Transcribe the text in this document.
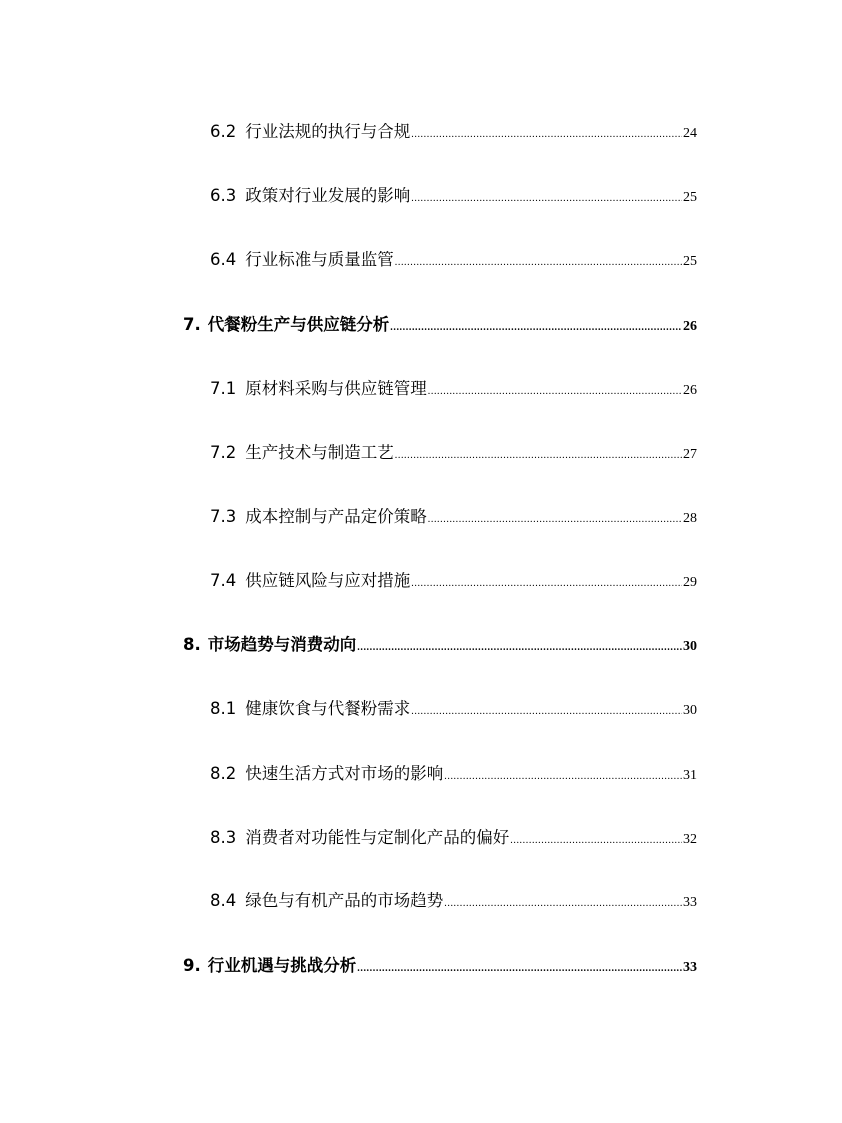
6.2 行业法规的执行与合规 .....	24
6.3 政策对行业发展的影响 .....	25
6.4 行业标准与质量监管 .....	25
7. 代餐粉生产与供应链分析 .....	26
7.1 原材料采购与供应链管理 .....	26
7.2 生产技术与制造工艺 .....	27
7.3 成本控制与产品定价策略 .....	28
7.4 供应链风险与应对措施 .....	29
8. 市场趋势与消费动向 .....	30
8.1 健康饮食与代餐粉需求 .....	30
8.2 快速生活方式对市场的影响 .....	31
8.3 消费者对功能性与定制化产品的偏好 .....	32
8.4 绿色与有机产品的市场趋势 .....	33
9. 行业机遇与挑战分析 .....	33
